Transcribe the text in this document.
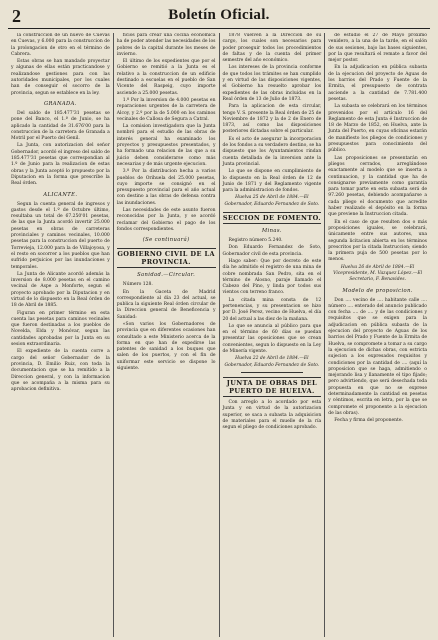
2	Boletín Oficial.

la construccion de un nuevo de Cuevas en Cuevas, y 6.000 para la construccion de la prolongacion de otro en el término de Cabrera.

Estas obras se han mandado proyectar y algunas de ellas están practicandose y realizandose gestiones para con las autoridades municipales, por los cuales han de conseguir el socorro de la provincia, segun se establece en la ley.

GRANADA.

Del saldo de 185.477'31 pesetas se pone del Banco, el 1.º de Junio, se ha aplicado la cantidad de 31.676'00 para la construccion de la carretera de Granada a Motril por el Puerto del Genil.

La Junta, con autorizacion del señor Gobernador, acordó el ingreso del saldo de 185.477'31 pesetas que correspondian al 1.º de Junio para la realizacion de estas obras y la Junta aceptó lo propuesto por la Diputacion en la forma que prescribe la Real órden.

ALICANTE.

Segun la cuenta general de ingresos y gastos desde el 1.º de Octubre último, resultaba un total de 67.250'01 pesetas, de las que la Junta acordó invertir 25.000 pesetas en obras de carreteras provinciales y caminos vecinales, 10.000 pesetas para la construccion del puerto de Torrevieja, 12.000 para la de Villajoyosa, y el resto en socorrer a los pueblos que han sufrido perjuicios por las inundaciones y temporales.

La Junta de Alicante acordó además la inversion de 8.000 pesetas en el camino vecinal de Aspe a Monforte, segun el proyecto aprobado por la Diputacion y en virtud de lo dispuesto en la Real órden de 18 de Abril de 1885.

Figuran en primer término en esta cuenta las pesetas para caminos vecinales que fueron destinadas a los pueblos de Novelda, Elda y Monóvar, segun las cantidades aprobadas por la Junta en su sesion extraordinaria.

El expediente de la cuenta corre a cargo del señor Gobernador de la provincia, D. Emilio Ruiz, con toda la documentacion que se ha remitido a la Direccion general, y con la informacion que se acompaña a la misma para su aprobacion definitiva.

ficios para crear una cocina económica ha de poder atender las necesidades de los pobres de la capital durante los meses de invierno.

El último de los expedientes que por el Gobierno se remitió a la Junta es el relativo a la construccion de un edificio destinado a escuelas en el pueblo de San Vicente del Raspeig, cuyo importe asciende a 25.000 pesetas.

1.º Por la inversion de 4.000 pesetas en reparaciones urgentes de la carretera de Alcoy, y 2.º por la de 5.000 en los caminos vecinales de Callosa de Segura a Catral.

La comision investigadora que la Junta nombró para el estudio de las obras de interés general ha examinado los proyectos y presupuestos presentados, y ha formado una relacion de las que a su juicio deben considerarse como más necesarias y de más urgente ejecucion.

3.º Por la distribucion hecha a varios pueblos de Orihuela del 25.000 pesetas, cuyo importe se consignó en el presupuesto provincial para el año actual con destino a las obras de defensa contra las inundaciones.

Las necesidades de este asunto fueron reconocidas por la Junta, y se acordó reclamar del Gobierno el pago de los fondos correspondientes.

(Se continuará)
GOBIERNO CIVIL DE LA PROVINCIA.
Sanidad.—Circular.

Número 128.

En la Gaceta de Madrid correspondiente al día 23 del actual, se publica la siguiente Real órden circular de la Direccion general de Beneficencia y Sanidad:

«Son varios los Gobernadores de provincia que en diferentes ocasiones han consultado a este Ministerio acerca de la forma en que han de expedirse las patentes de sanidad a los buques que salen de los puertos, y con el fin de uniformar este servicio se dispone lo siguiente.

1878 vuelven a la Direccion de su cargo, los cuales son necesarios para poder proseguir todos los procedimientos de faltas y de la cuenta del primer semestre del año económico.

Los intereses de la provincia conforme de que todos los trámites se han cumplido y en virtud de las disposiciones vigentes, el Gobierno ha resuelto aprobar los expedientes de las obras incluidas en la Real órden de 13 de Julio de 1873.

Para la aplicacion de esta circular, tengo V. S. presente la Real órden de 25 de Noviembre de 1872 y la de 2 de Enero de 1873, así como las disposiciones posteriores dictadas sobre el particular.

Es el acto de asegurar la incorporacion de los fondos a su verdadero destino, se ha dispuesto que los Ayuntamientos rindan cuenta detallada de la inversion ante la Junta provincial.

Lo que se dispone en cumplimiento de lo dispuesto en la Real órden de 12 de Junio de 1871 y del Reglamento vigente para la administracion de fondos.

Huelva 25 de Abril de 1884.—El Gobernador, Eduardo Fernandez de Soto.
SECCION DE FOMENTO.
Minas.

Registro número 5.240.

Don Eduardo Fernandez de Soto, Gobernador civil de esta provincia.

Hago saber: Que por decreto de este día he admitido el registro de una mina de cobre nombrada San Pedro, sita en el término de Alosno, paraje llamado el Cabezo del Pino, y linda por todos sus vientos con terreno franco.

La citada mina consta de 12 pertenencias, y su presentacion se hizo por D. José Perez, vecino de Huelva, el día 20 del actual a las diez de la mañana.

Lo que se anuncia al público para que en el término de 60 días se puedan presentar las oposiciones que se crean convenientes, segun lo dispuesto en la Ley de Minería vigente.

Huelva 22 de Abril de 1884.—El Gobernador, Eduardo Fernandez de Soto.
JUNTA DE OBRAS DEL PUERTO DE HUELVA.

Con arreglo a lo acordado por esta Junta y en virtud de la autorizacion superior, se saca a subasta la adquisicion de materiales para el muelle de la ría segun el pliego de condiciones aprobado.

de estudio el 27 de Mayo próximo venidero, a la una de la tarde, en el salón de sus sesiones, bajo las bases siguientes, por la que resultará el remate a favor del mejor postor.

En la adjudicacion en pública subasta de la ejecucion del proyecto de Aguas de los barrios del Prado y Fuente de la Ermita, el presupuesto de contrata asciende a la cantidad de 7.781.400 pesetas.

La subasta se celebrará en los términos prevenidos por el artículo 16 del Reglamento de esta Junta é Instruccion de 18 de Marzo de 1852, en Huelva, ante la Junta del Puerto, en cuyas oficinas estarán de manifiesto los pliegos de condiciones y presupuestos para conocimiento del público.

Las proposiciones se presentarán en pliegos cerrados, arreglándose exactamente al modelo que se inserta a continuacion, y la cantidad que ha de consignarse previamente como garantía para tomar parte en esta subasta será de 97.260 pesetas, debiendo acompañarse a cada pliego el documento que acredite haber realizado el depósito en la forma que previene la Instruccion citada.

En el caso de que resulten dos o más proposiciones iguales, se celebrará, únicamente entre sus autores, una segunda licitacion abierta en los términos prescritos por la citada Instruccion; siendo la primera puja de 500 pesetas por lo menos.

Huelva 26 de Abril de 1884.—El Vicepresidente, M. Vazquez López.—El Secretario, F. Benavides.
Modelo de proposicion.

Don .... vecino de .... habitante calle .... número .... enterado del anuncio publicado con fecha .... de .... y de las condiciones y requisitos que se exigen para la adjudicacion en pública subasta de la ejecucion del proyecto de Aguas de los barrios del Prado y Fuente de la Ermita de Huelva, se compromete a tomar a su cargo la ejecucion de dichas obras, con estricta sujecion a los expresados requisitos y condiciones por la cantidad de .... (aquí la proposicion que se haga, admitiendo o mejorando lisa y llanamente el tipo fijado; pero advirtiendo, que será desechada toda propuesta en que no se exprese determinadamente la cantidad en pesetas y céntimos, escrita en letra, por la que se compromete el proponente a la ejecucion de las obras).

Fecha y firma del proponente.
